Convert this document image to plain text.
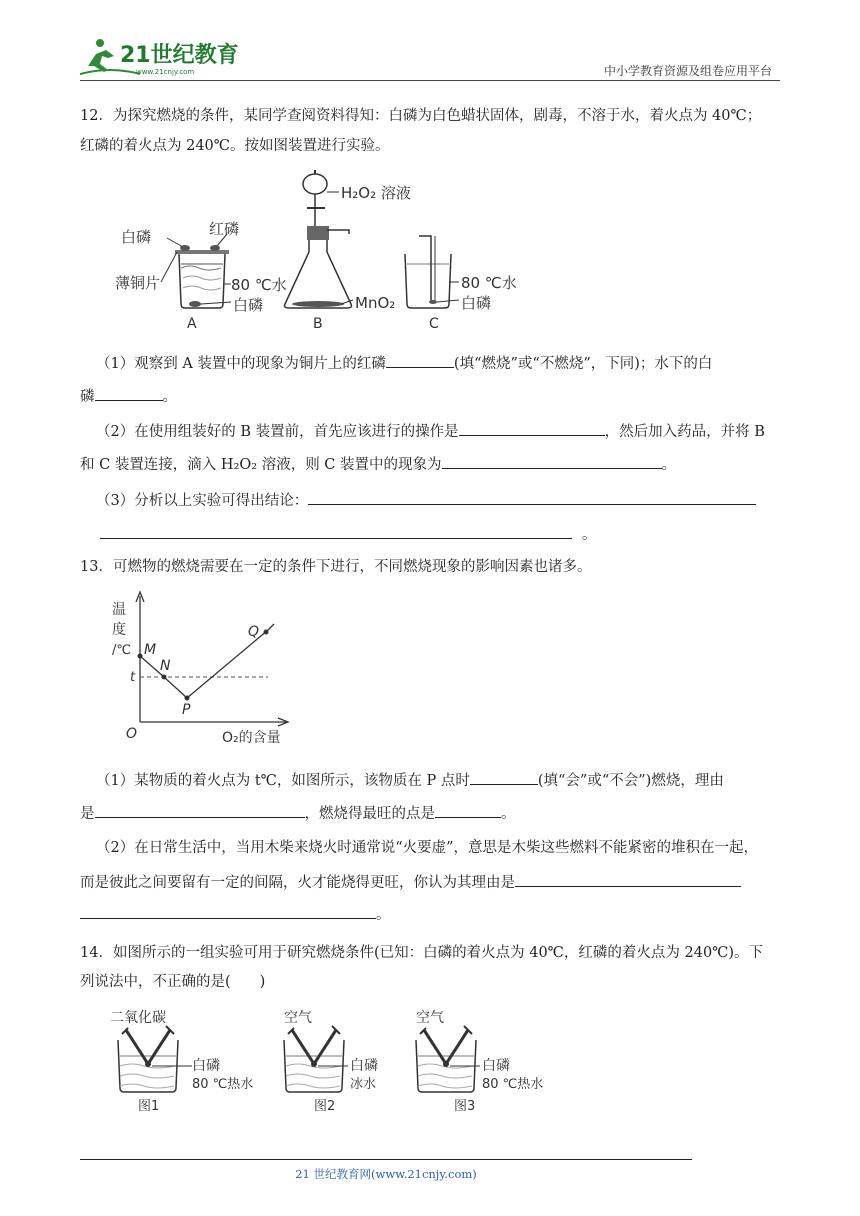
21世纪教育
www.21cnjy.com	中小学教育资源及组卷应用平台
12．为探究燃烧的条件，某同学查阅资料得知：白磷为白色蜡状固体，剧毒，不溶于水，着火点为 40℃；
红磷的着火点为 240℃。按如图装置进行实验。
白磷	红磷
薄铜片	80 ℃水
白磷
A
H₂O₂ 溶液
MnO₂
B
80 ℃水
白磷
C
（1）观察到 A 装置中的现象为铜片上的红磷	(填“燃烧”或“不燃烧”，下同)；水下的白
磷	。
（2）在使用组装好的 B 装置前，首先应该进行的操作是	，然后加入药品，并将 B
和 C 装置连接，滴入 H₂O₂ 溶液，则 C 装置中的现象为	。
（3）分析以上实验可得出结论：
。
13．可燃物的燃烧需要在一定的条件下进行，不同燃烧现象的影响因素也诸多。
温
度
/℃ M
N
P
Q
t
O	O₂的含量
（1）某物质的着火点为 t℃，如图所示，该物质在 P 点时	(填“会”或“不会”)燃烧，理由
是	，燃烧得最旺的点是	。
（2）在日常生活中，当用木柴来烧火时通常说“火要虚”，意思是木柴这些燃料不能紧密的堆积在一起，
而是彼此之间要留有一定的间隔，火才能烧得更旺，你认为其理由是
。
14．如图所示的一组实验可用于研究燃烧条件(已知：白磷的着火点为 40℃，红磷的着火点为 240℃)。下
列说法中，不正确的是(　　)
二氧化碳
白磷
80 ℃热水
图1
空气
白磷
冰水
图2
空气
白磷
80 ℃热水
图3
21 世纪教育网(www.21cnjy.com)
